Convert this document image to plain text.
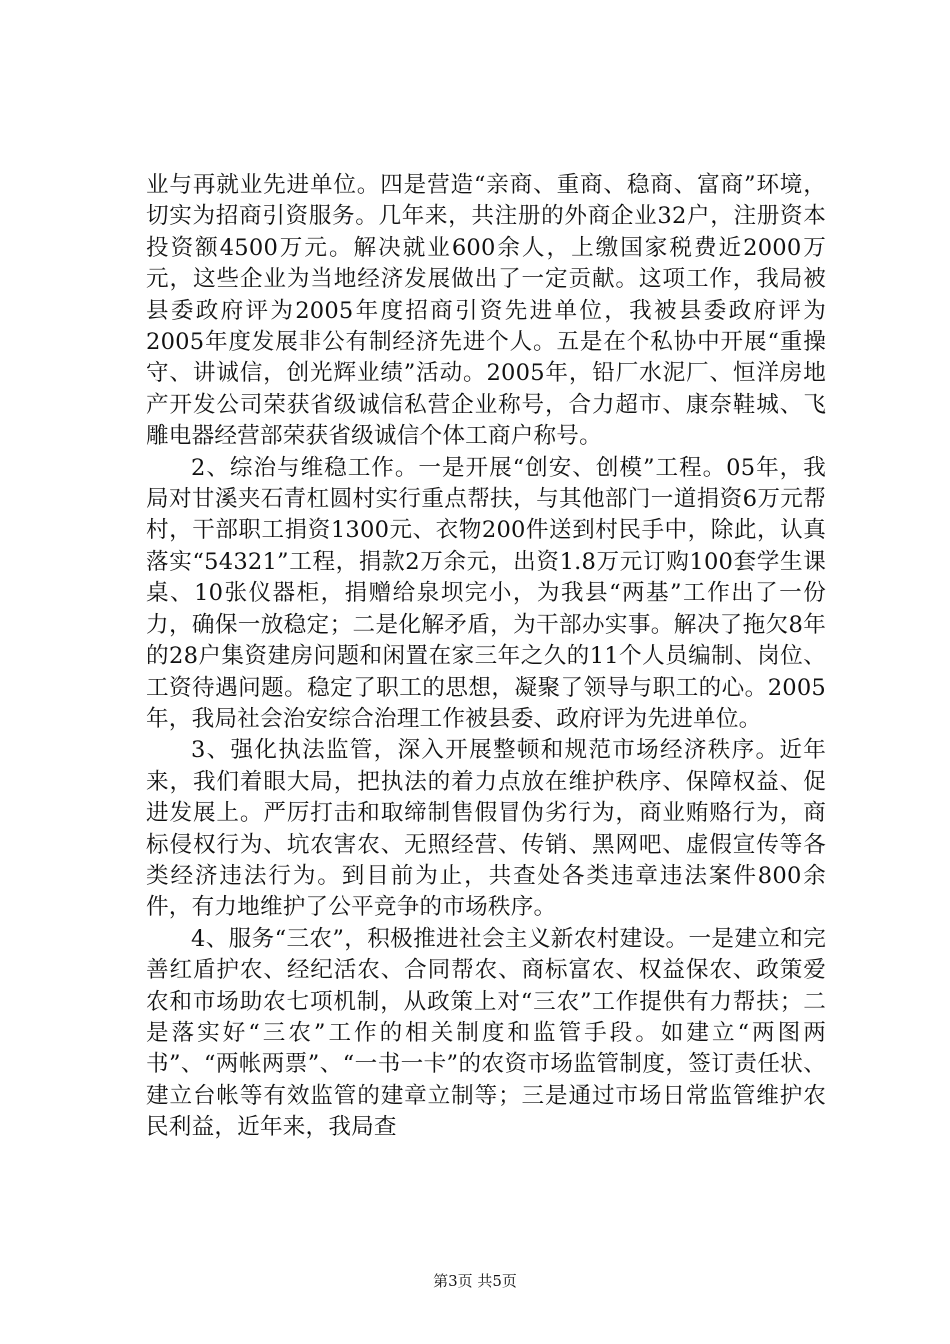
业与再就业先进单位。四是营造“亲商、重商、稳商、富商”环境，切实为招商引资服务。几年来，共注册的外商企业32户，注册资本投资额4500万元。解决就业600余人，上缴国家税费近2000万元，这些企业为当地经济发展做出了一定贡献。这项工作，我局被县委政府评为2005年度招商引资先进单位，我被县委政府评为2005年度发展非公有制经济先进个人。五是在个私协中开展“重操守、讲诚信，创光辉业绩”活动。2005年，铅厂水泥厂、恒洋房地产开发公司荣获省级诚信私营企业称号，合力超市、康奈鞋城、飞雕电器经营部荣获省级诚信个体工商户称号。

2、综治与维稳工作。一是开展“创安、创模”工程。05年，我局对甘溪夹石青杠圆村实行重点帮扶，与其他部门一道捐资6万元帮村，干部职工捐资1300元、衣物200件送到村民手中，除此，认真落实“54321”工程，捐款2万余元，出资1.8万元订购100套学生课桌、10张仪器柜，捐赠给泉坝完小，为我县“两基”工作出了一份力，确保一放稳定；二是化解矛盾，为干部办实事。解决了拖欠8年的28户集资建房问题和闲置在家三年之久的11个人员编制、岗位、工资待遇问题。稳定了职工的思想，凝聚了领导与职工的心。2005年，我局社会治安综合治理工作被县委、政府评为先进单位。

3、强化执法监管，深入开展整顿和规范市场经济秩序。近年来，我们着眼大局，把执法的着力点放在维护秩序、保障权益、促进发展上。严厉打击和取缔制售假冒伪劣行为，商业贿赂行为，商标侵权行为、坑农害农、无照经营、传销、黑网吧、虚假宣传等各类经济违法行为。到目前为止，共查处各类违章违法案件800余件，有力地维护了公平竞争的市场秩序。

4、服务“三农”，积极推进社会主义新农村建设。一是建立和完善红盾护农、经纪活农、合同帮农、商标富农、权益保农、政策爱农和市场助农七项机制，从政策上对“三农”工作提供有力帮扶；二是落实好“三农”工作的相关制度和监管手段。如建立“两图两书”、“两帐两票”、“一书一卡”的农资市场监管制度，签订责任状、建立台帐等有效监管的建章立制等；三是通过市场日常监管维护农民利益，近年来，我局查

第3页 共5页
